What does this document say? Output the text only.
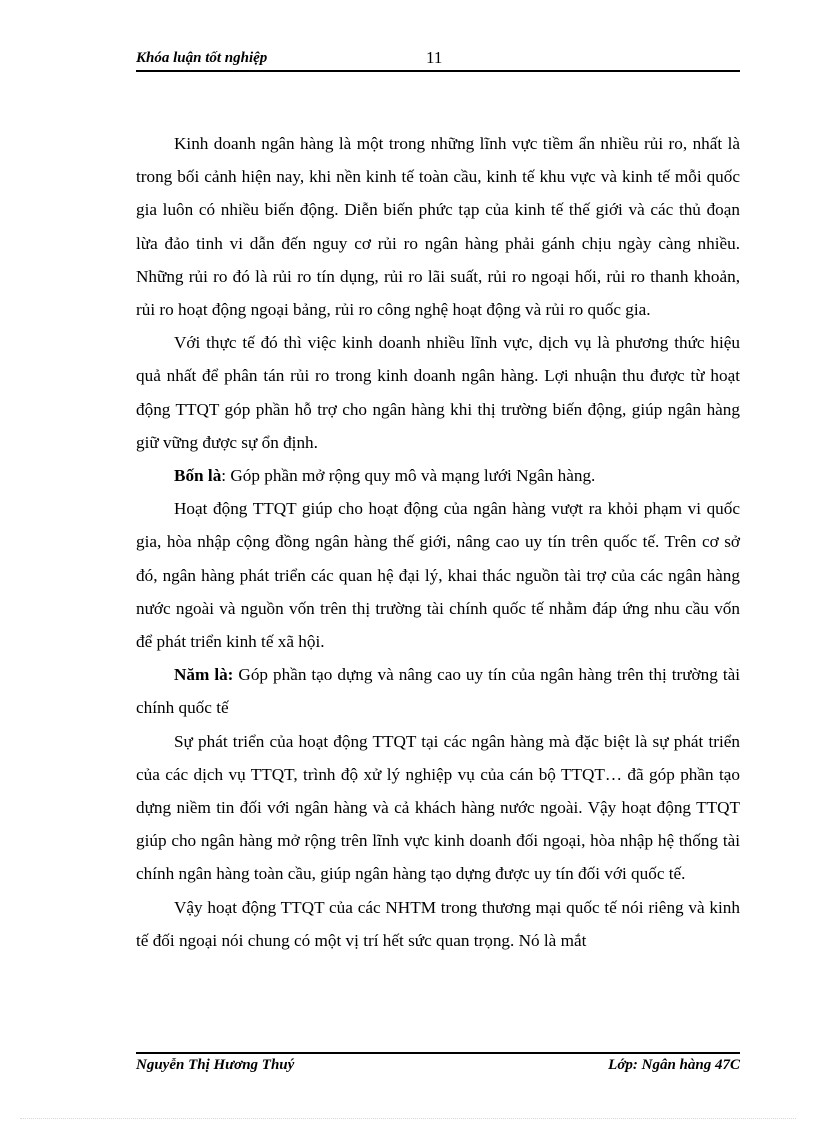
Khóa luận tốt nghiệp	11

Kinh doanh ngân hàng là một trong những lĩnh vực tiềm ẩn nhiều rủi ro, nhất là trong bối cảnh hiện nay, khi nền kinh tế toàn cầu, kinh tế khu vực và kinh tế mỗi quốc gia luôn có nhiều biến động. Diễn biến phức tạp của kinh tế thế giới và các thủ đoạn lừa đảo tinh vi dẫn đến nguy cơ rủi ro ngân hàng phải gánh chịu ngày càng nhiều. Những rủi ro đó là rủi ro tín dụng, rủi ro lãi suất, rủi ro ngoại hối, rủi ro thanh khoản, rủi ro hoạt động ngoại bảng, rủi ro công nghệ hoạt động và rủi ro quốc gia.

Với thực tế đó thì việc kinh doanh nhiều lĩnh vực, dịch vụ là phương thức hiệu quả nhất để phân tán rủi ro trong kinh doanh ngân hàng. Lợi nhuận thu được từ hoạt động TTQT góp phần hỗ trợ cho ngân hàng khi thị trường biến động, giúp ngân hàng giữ vững được sự ổn định.

Bốn là: Góp phần mở rộng quy mô và mạng lưới Ngân hàng.

Hoạt động TTQT giúp cho hoạt động của ngân hàng vượt ra khỏi phạm vi quốc gia, hòa nhập cộng đồng ngân hàng thế giới, nâng cao uy tín trên quốc tế. Trên cơ sở đó, ngân hàng phát triển các quan hệ đại lý, khai thác nguồn tài trợ của các ngân hàng nước ngoài và nguồn vốn trên thị trường tài chính quốc tế nhằm đáp ứng nhu cầu vốn để phát triển kinh tế xã hội.

Năm là: Góp phần tạo dựng và nâng cao uy tín của ngân hàng trên thị trường tài chính quốc tế

Sự phát triển của hoạt động TTQT tại các ngân hàng mà đặc biệt là sự phát triển của các dịch vụ TTQT, trình độ xử lý nghiệp vụ của cán bộ TTQT… đã góp phần tạo dựng niềm tin đối với ngân hàng và cả khách hàng nước ngoài. Vậy hoạt động TTQT giúp cho ngân hàng mở rộng trên lĩnh vực kinh doanh đối ngoại, hòa nhập hệ thống tài chính ngân hàng toàn cầu, giúp ngân hàng tạo dựng được uy tín đối với quốc tế.

Vậy hoạt động TTQT của các NHTM trong thương mại quốc tế nói riêng và kinh tế đối ngoại nói chung có một vị trí hết sức quan trọng. Nó là mắt

Nguyễn Thị Hương Thuý	Lớp: Ngân hàng 47C
